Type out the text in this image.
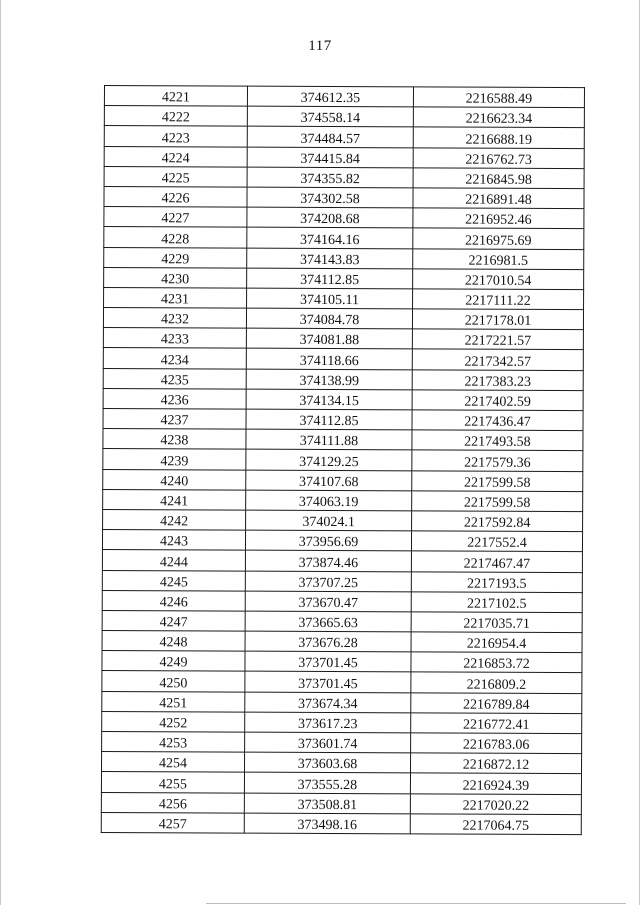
117
4221	374612.35	2216588.49
4222	374558.14	2216623.34
4223	374484.57	2216688.19
4224	374415.84	2216762.73
4225	374355.82	2216845.98
4226	374302.58	2216891.48
4227	374208.68	2216952.46
4228	374164.16	2216975.69
4229	374143.83	2216981.5
4230	374112.85	2217010.54
4231	374105.11	2217111.22
4232	374084.78	2217178.01
4233	374081.88	2217221.57
4234	374118.66	2217342.57
4235	374138.99	2217383.23
4236	374134.15	2217402.59
4237	374112.85	2217436.47
4238	374111.88	2217493.58
4239	374129.25	2217579.36
4240	374107.68	2217599.58
4241	374063.19	2217599.58
4242	374024.1	2217592.84
4243	373956.69	2217552.4
4244	373874.46	2217467.47
4245	373707.25	2217193.5
4246	373670.47	2217102.5
4247	373665.63	2217035.71
4248	373676.28	2216954.4
4249	373701.45	2216853.72
4250	373701.45	2216809.2
4251	373674.34	2216789.84
4252	373617.23	2216772.41
4253	373601.74	2216783.06
4254	373603.68	2216872.12
4255	373555.28	2216924.39
4256	373508.81	2217020.22
4257	373498.16	2217064.75
